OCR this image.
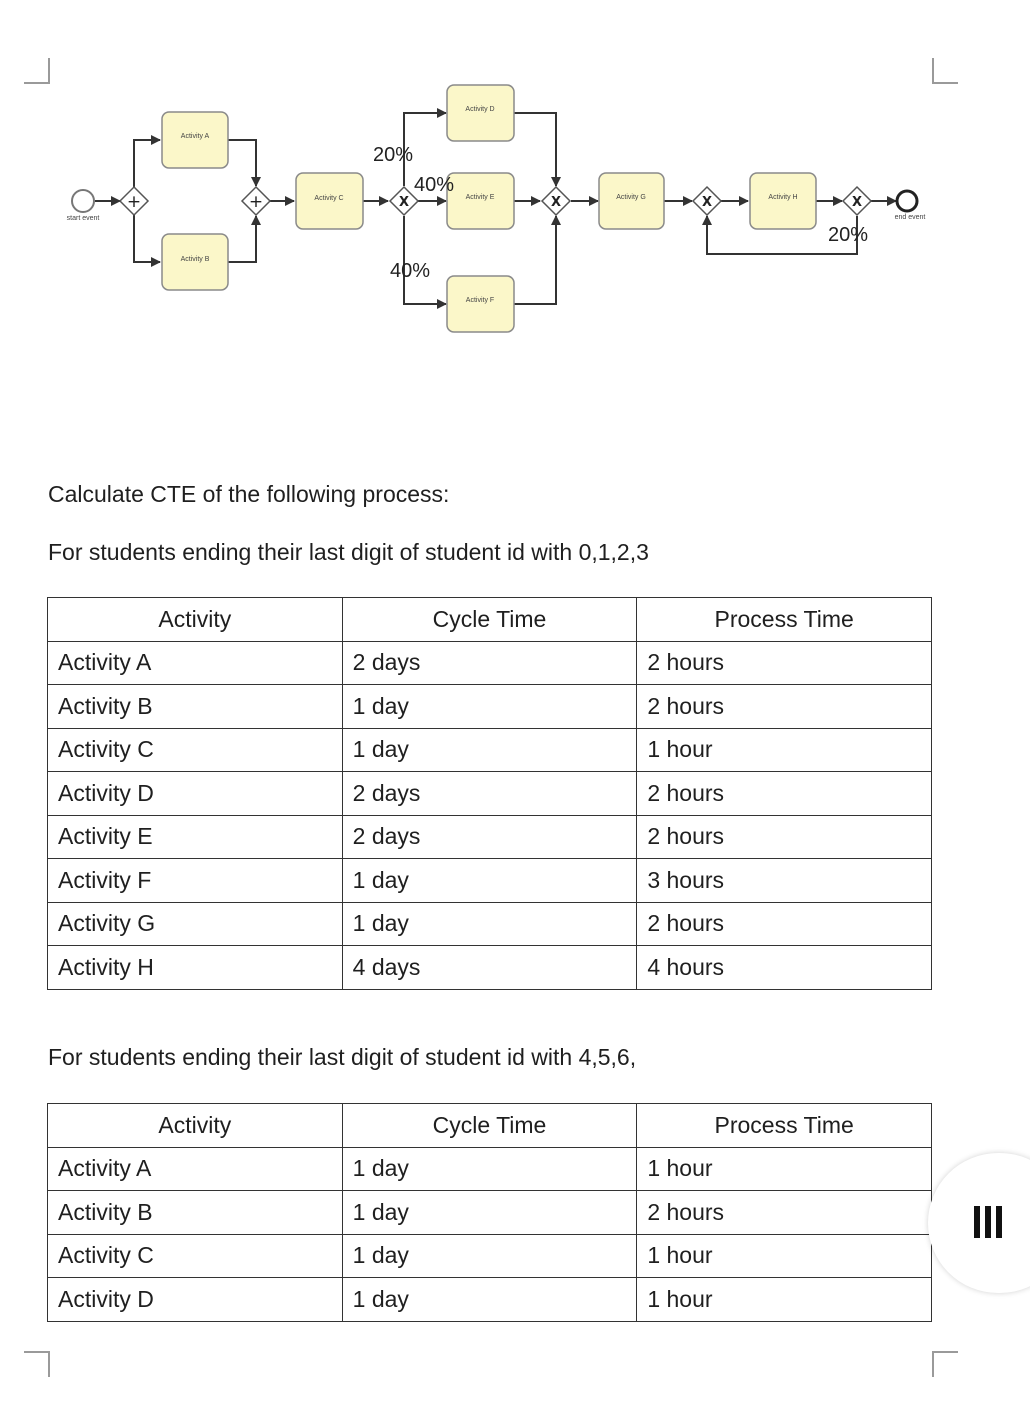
start event	end event
+	+	X	X	X	X
Activity A
Activity B
Activity C
Activity D
Activity E
Activity F
Activity G	Activity H
20%
40%
40%
20%

Calculate CTE of the following process:

For students ending their last digit of student id with 0,1,2,3

Activity	Cycle Time	Process Time
Activity A	2 days	2 hours
Activity B	1 day	2 hours
Activity C	1 day	1 hour
Activity D	2 days	2 hours
Activity E	2 days	2 hours
Activity F	1 day	3 hours
Activity G	1 day	2 hours
Activity H	4 days	4 hours

For students ending their last digit of student id with 4,5,6,

Activity	Cycle Time	Process Time
Activity A	1 day	1 hour
Activity B	1 day	2 hours
Activity C	1 day	1 hour
Activity D	1 day	1 hour
